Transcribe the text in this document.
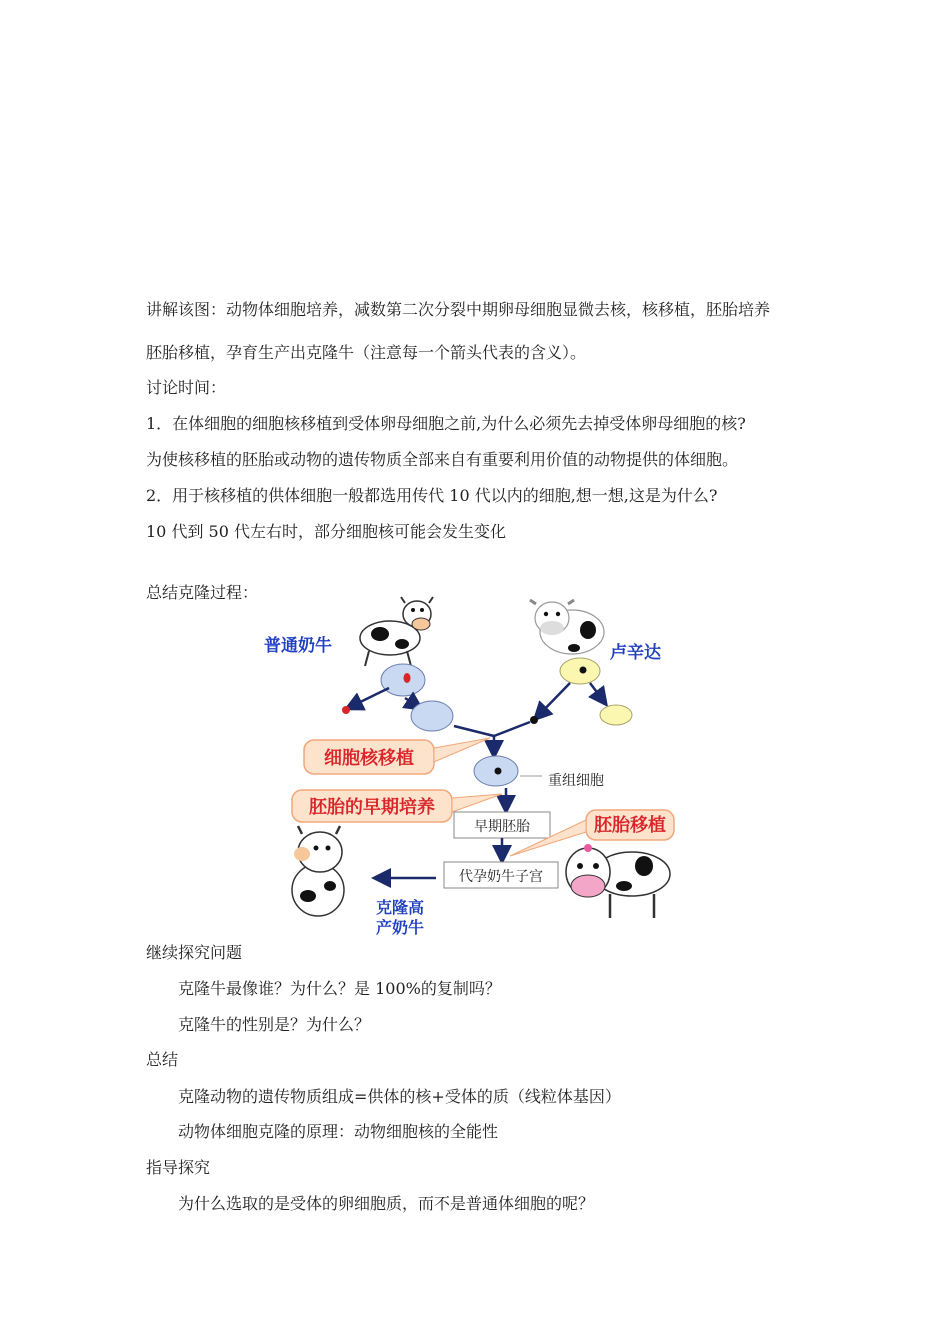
讲解该图：动物体细胞培养，减数第二次分裂中期卵母细胞显微去核，核移植，胚胎培养
胚胎移植，孕育生产出克隆牛（注意每一个箭头代表的含义）。
讨论时间：
1．在体细胞的细胞核移植到受体卵母细胞之前,为什么必须先去掉受体卵母细胞的核?
为使核移植的胚胎或动物的遗传物质全部来自有重要利用价值的动物提供的体细胞。
2．用于核移植的供体细胞一般都选用传代 10 代以内的细胞,想一想,这是为什么?
10 代到 50 代左右时，部分细胞核可能会发生变化
总结克隆过程：
普通奶牛	卢辛达
细胞核移植
重组细胞
胚胎的早期培养
早期胚胎	胚胎移植
代孕奶牛子宫
克隆高
产奶牛
继续探究问题
克隆牛最像谁？为什么？是 100%的复制吗？
克隆牛的性别是？为什么？
总结
克隆动物的遗传物质组成=供体的核+受体的质（线粒体基因）
动物体细胞克隆的原理：动物细胞核的全能性
指导探究
为什么选取的是受体的卵细胞质，而不是普通体细胞的呢？
